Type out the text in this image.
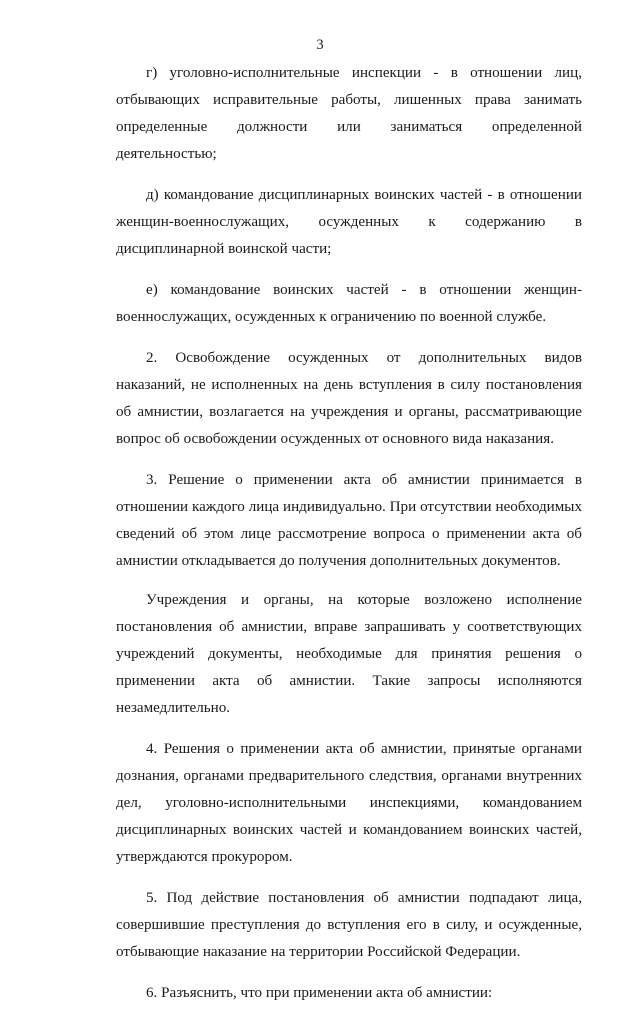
3

г) уголовно-исполнительные инспекции - в отношении лиц, отбывающих исправительные работы, лишенных права занимать определенные должности или заниматься определенной деятельностью;

д) командование дисциплинарных воинских частей - в отношении женщин-военнослужащих, осужденных к содержанию в дисциплинарной воинской части;

е) командование воинских частей - в отношении женщин-военнослужащих, осужденных к ограничению по военной службе.

2. Освобождение осужденных от дополнительных видов наказаний, не исполненных на день вступления в силу постановления об амнистии, возлагается на учреждения и органы, рассматривающие вопрос об освобождении осужденных от основного вида наказания.

3. Решение о применении акта об амнистии принимается в отношении каждого лица индивидуально. При отсутствии необходимых сведений об этом лице рассмотрение вопроса о применении акта об амнистии откладывается до получения дополнительных документов.

Учреждения и органы, на которые возложено исполнение постановления об амнистии, вправе запрашивать у соответствующих учреждений документы, необходимые для принятия решения о применении акта об амнистии. Такие запросы исполняются незамедлительно.

4. Решения о применении акта об амнистии, принятые органами дознания, органами предварительного следствия, органами внутренних дел, уголовно-исполнительными инспекциями, командованием дисциплинарных воинских частей и командованием воинских частей, утверждаются прокурором.

5. Под действие постановления об амнистии подпадают лица, совершившие преступления до вступления его в силу, и осужденные, отбывающие наказание на территории Российской Федерации.

6. Разъяснить, что при применении акта об амнистии:
